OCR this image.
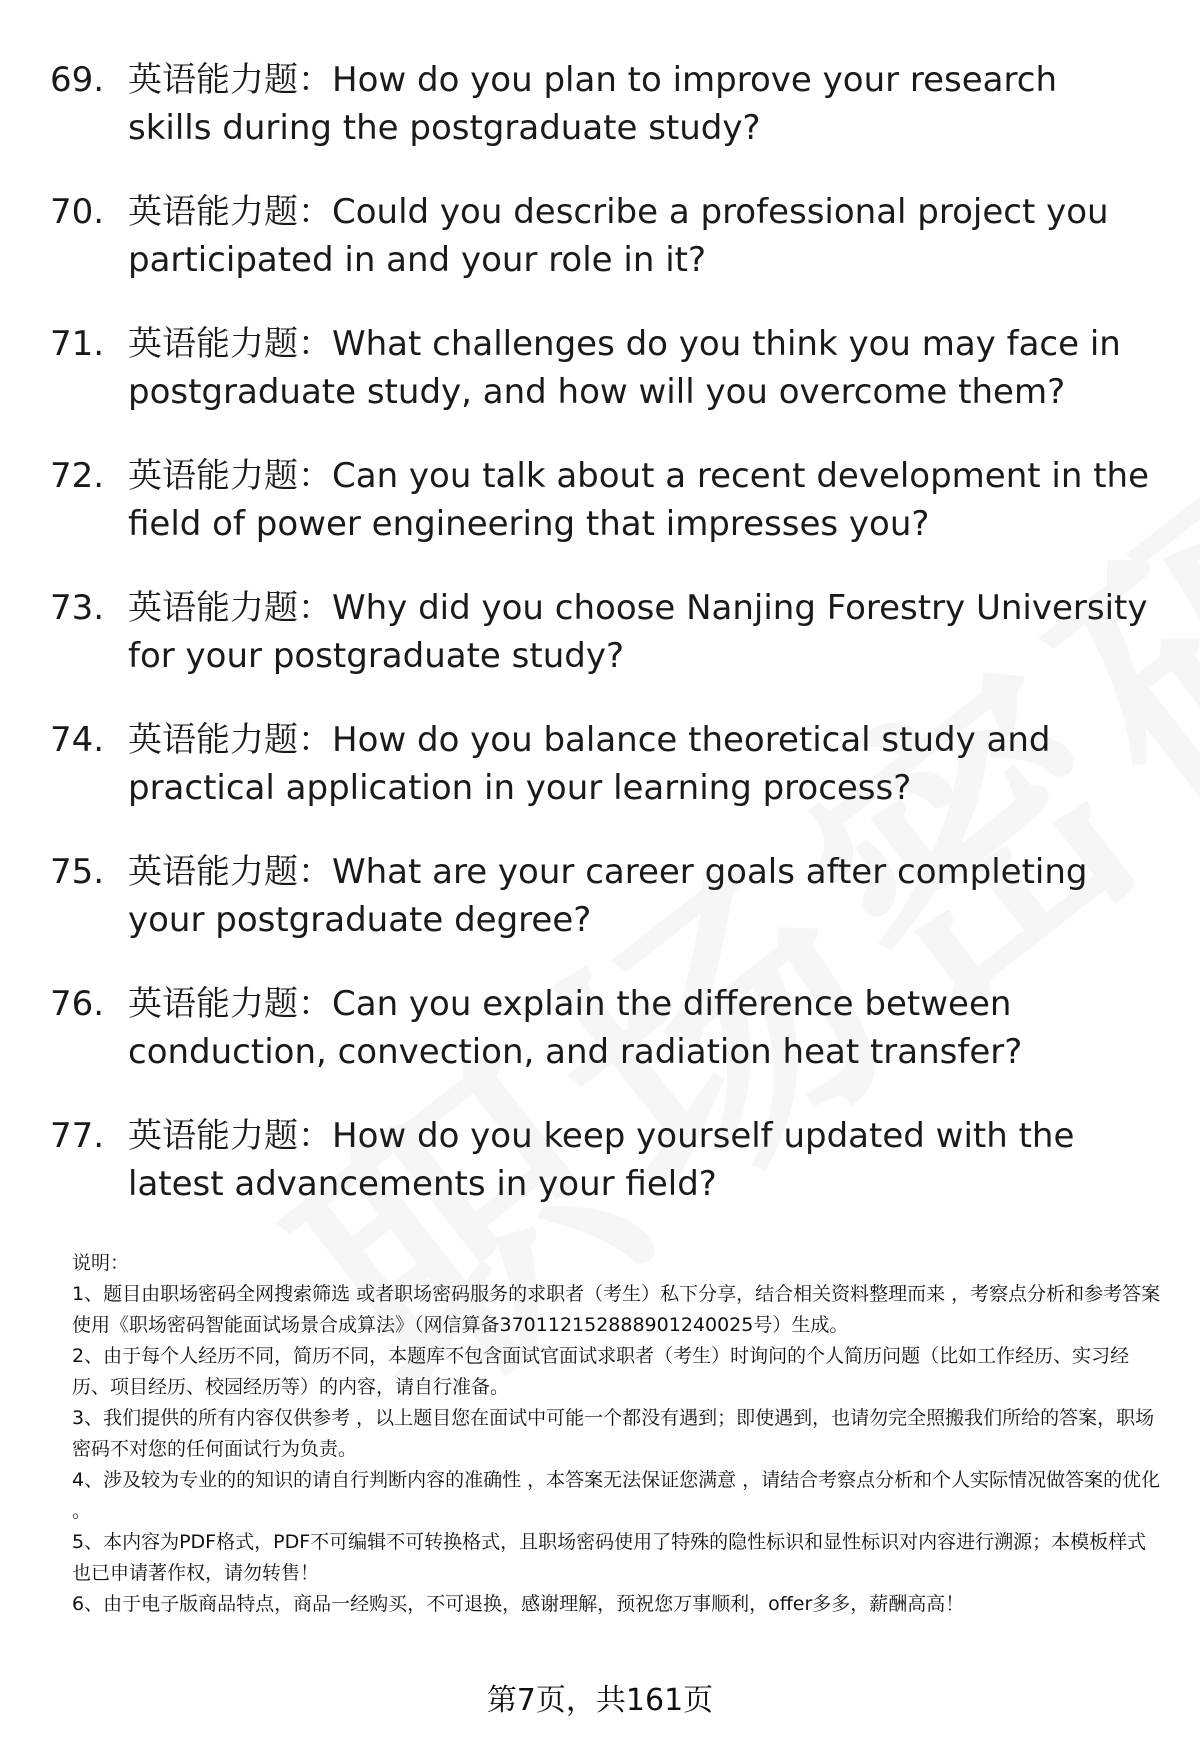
69. 英语能力题：How do you plan to improve your research skills during the postgraduate study?
70. 英语能力题：Could you describe a professional project you participated in and your role in it?
71. 英语能力题：What challenges do you think you may face in postgraduate study, and how will you overcome them?
72. 英语能力题：Can you talk about a recent development in the field of power engineering that impresses you?
73. 英语能力题：Why did you choose Nanjing Forestry University for your postgraduate study?
74. 英语能力题：How do you balance theoretical study and practical application in your learning process?
75. 英语能力题：What are your career goals after completing your postgraduate degree?
76. 英语能力题：Can you explain the difference between conduction, convection, and radiation heat transfer?
77. 英语能力题：How do you keep yourself updated with the latest advancements in your field?

说明：

1、题目由职场密码全网搜索筛选 或者职场密码服务的求职者（考生）私下分享，结合相关资料整理而来 ，考察点分析和参考答案使用《职场密码智能面试场景合成算法》（网信算备370112152888901240025号）生成。

2、由于每个人经历不同，简历不同，本题库不包含面试官面试求职者（考生）时询问的个人简历问题（比如工作经历、实习经历、项目经历、校园经历等）的内容，请自行准备。

3、我们提供的所有内容仅供参考 ，以上题目您在面试中可能一个都没有遇到；即使遇到，也请勿完全照搬我们所给的答案，职场密码不对您的任何面试行为负责。

4、涉及较为专业的的知识的请自行判断内容的准确性 ，本答案无法保证您满意 ，请结合考察点分析和个人实际情况做答案的优化 。

5、本内容为PDF格式，PDF不可编辑不可转换格式，且职场密码使用了特殊的隐性标识和显性标识对内容进行溯源；本模板样式也已申请著作权，请勿转售！

6、由于电子版商品特点，商品一经购买，不可退换，感谢理解，预祝您万事顺利，offer多多，薪酬高高！

第7页，共161页
